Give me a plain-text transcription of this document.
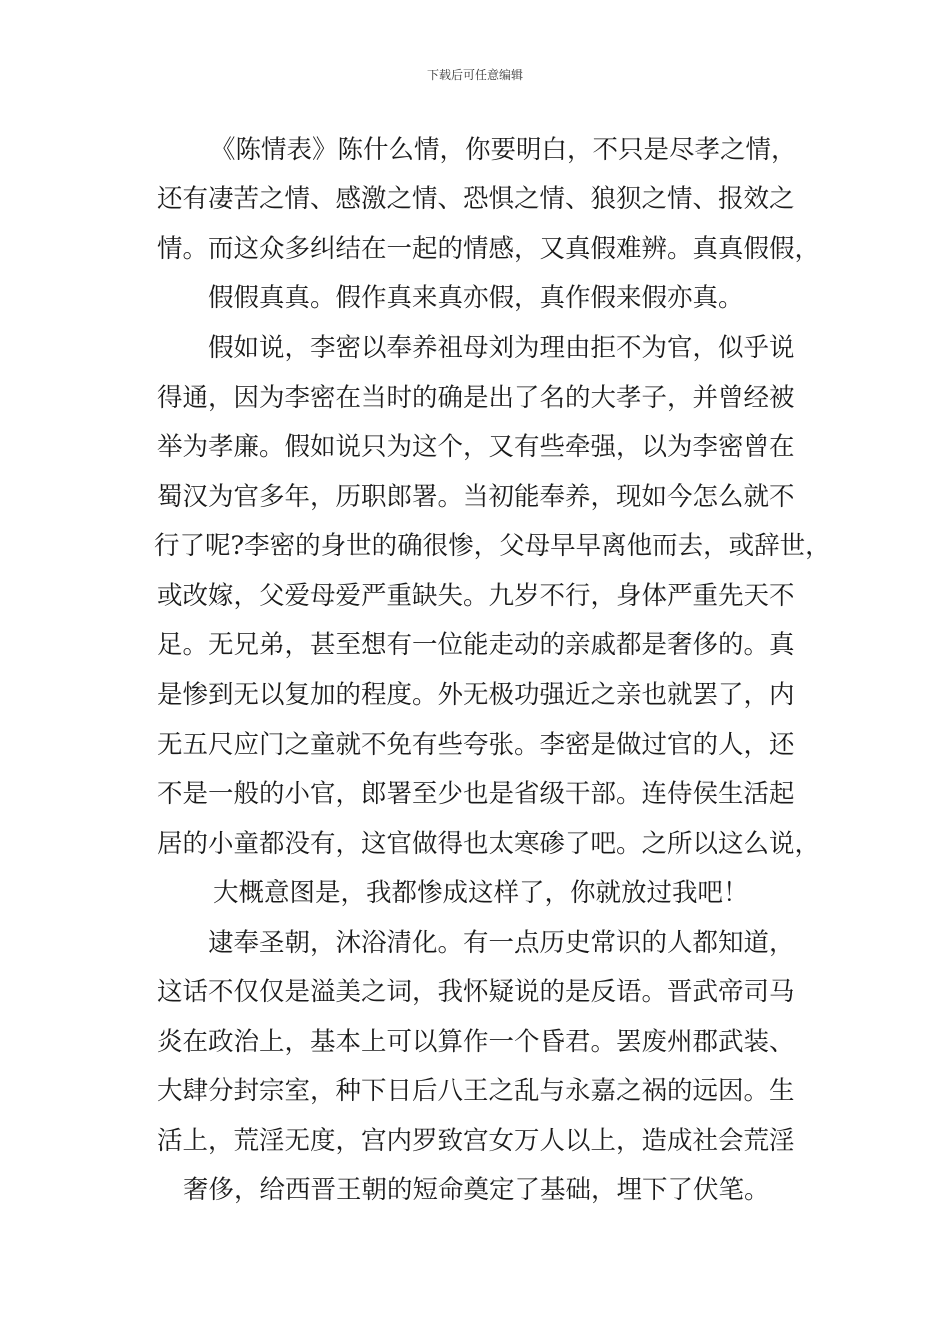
下载后可任意编辑
《陈情表》陈什么情，你要明白，不只是尽孝之情，
还有凄苦之情、感激之情、恐惧之情、狼狈之情、报效之
情。而这众多纠结在一起的情感，又真假难辨。真真假假，
假假真真。假作真来真亦假，真作假来假亦真。
假如说，李密以奉养祖母刘为理由拒不为官，似乎说
得通，因为李密在当时的确是出了名的大孝子，并曾经被
举为孝廉。假如说只为这个，又有些牵强，以为李密曾在
蜀汉为官多年，历职郎署。当初能奉养，现如今怎么就不
行了呢?李密的身世的确很惨，父母早早离他而去，或辞世，
或改嫁，父爱母爱严重缺失。九岁不行，身体严重先天不
足。无兄弟，甚至想有一位能走动的亲戚都是奢侈的。真
是惨到无以复加的程度。外无极功强近之亲也就罢了，内
无五尺应门之童就不免有些夸张。李密是做过官的人，还
不是一般的小官，郎署至少也是省级干部。连侍侯生活起
居的小童都没有，这官做得也太寒碜了吧。之所以这么说，
大概意图是，我都惨成这样了，你就放过我吧！
逮奉圣朝，沐浴清化。有一点历史常识的人都知道，
这话不仅仅是溢美之词，我怀疑说的是反语。晋武帝司马
炎在政治上，基本上可以算作一个昏君。罢废州郡武装、
大肆分封宗室，种下日后八王之乱与永嘉之祸的远因。生
活上，荒淫无度，宫内罗致宫女万人以上，造成社会荒淫
奢侈，给西晋王朝的短命奠定了基础，埋下了伏笔。
